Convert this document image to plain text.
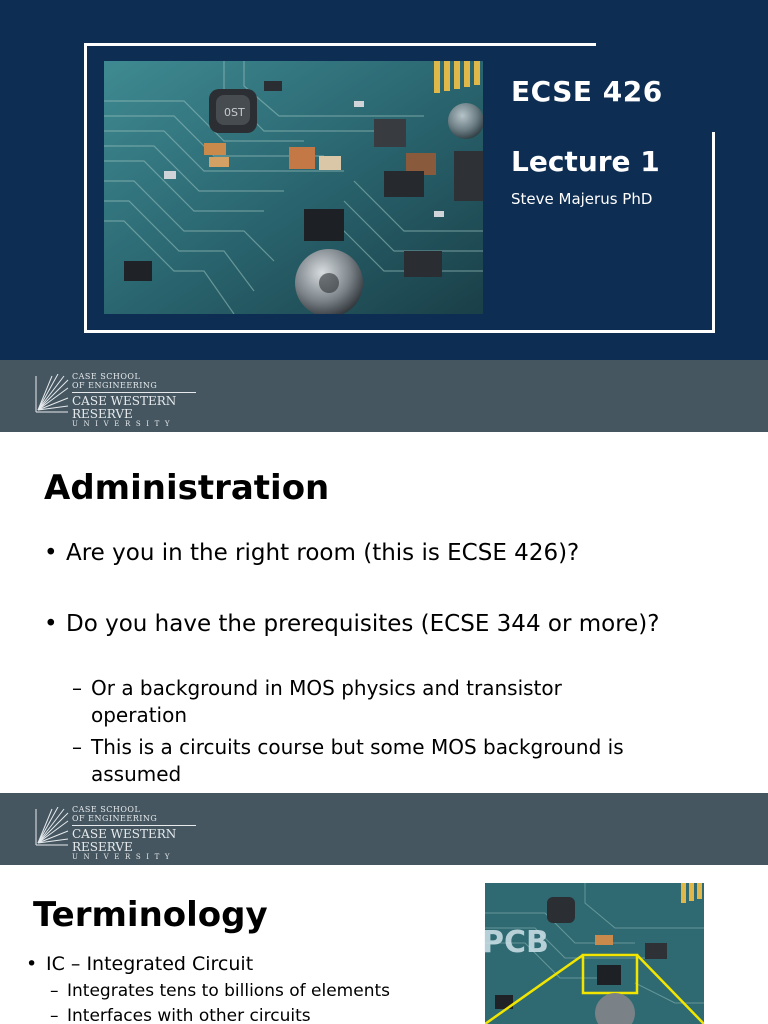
0ST
ECSE 426
Lecture 1
Steve Majerus PhD
CASE SCHOOL
OF ENGINEERING
CASE WESTERN RESERVE
UNIVERSITY
Administration
• Are you in the right room (this is ECSE 426)?
• Do you have the prerequisites (ECSE 344 or more)?
– Or a background in MOS physics and transistor operation
– This is a circuits course but some MOS background is assumed
CASE SCHOOL
OF ENGINEERING
CASE WESTERN RESERVE
UNIVERSITY
Terminology
• IC – Integrated Circuit
– Integrates tens to billions of elements
– Interfaces with other circuits
PCB
